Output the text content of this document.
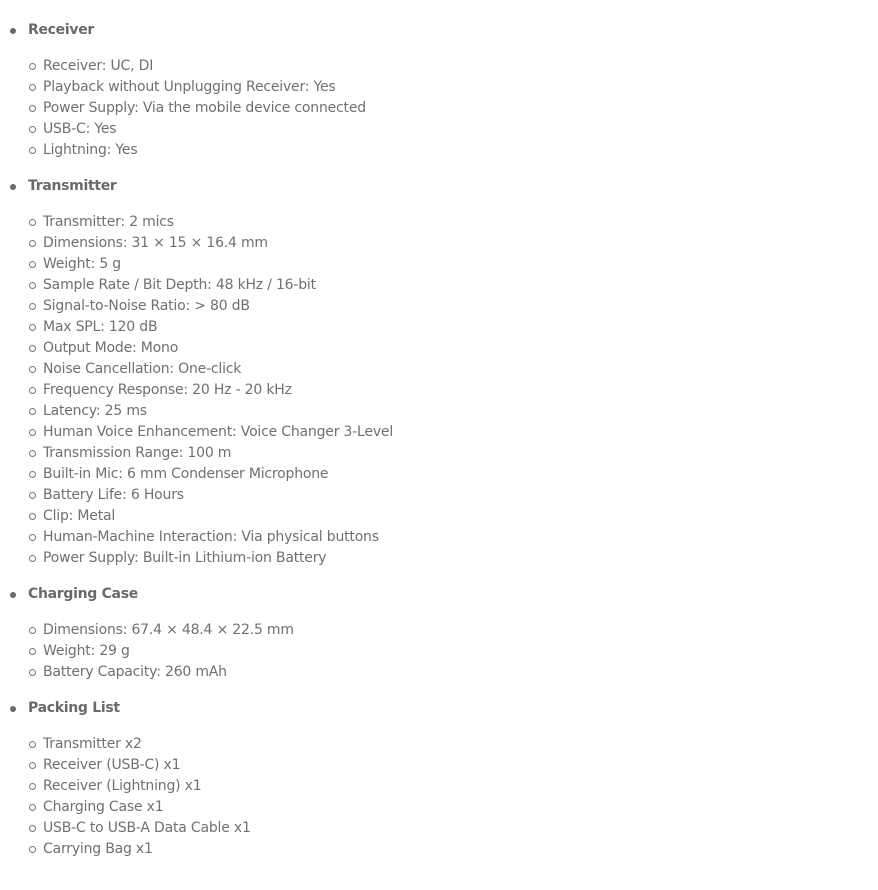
Receiver
Receiver: UC, DI
Playback without Unplugging Receiver: Yes
Power Supply: Via the mobile device connected
USB-C: Yes
Lightning: Yes
Transmitter
Transmitter: 2 mics
Dimensions: 31 × 15 × 16.4 mm
Weight: 5 g
Sample Rate / Bit Depth: 48 kHz / 16-bit
Signal-to-Noise Ratio: > 80 dB
Max SPL: 120 dB
Output Mode: Mono
Noise Cancellation: One-click
Frequency Response: 20 Hz - 20 kHz
Latency: 25 ms
Human Voice Enhancement: Voice Changer 3-Level
Transmission Range: 100 m
Built-in Mic: 6 mm Condenser Microphone
Battery Life: 6 Hours
Clip: Metal
Human-Machine Interaction: Via physical buttons
Power Supply: Built-in Lithium-ion Battery
Charging Case
Dimensions: 67.4 × 48.4 × 22.5 mm
Weight: 29 g
Battery Capacity: 260 mAh
Packing List
Transmitter x2
Receiver (USB-C) x1
Receiver (Lightning) x1
Charging Case x1
USB-C to USB-A Data Cable x1
Carrying Bag x1
